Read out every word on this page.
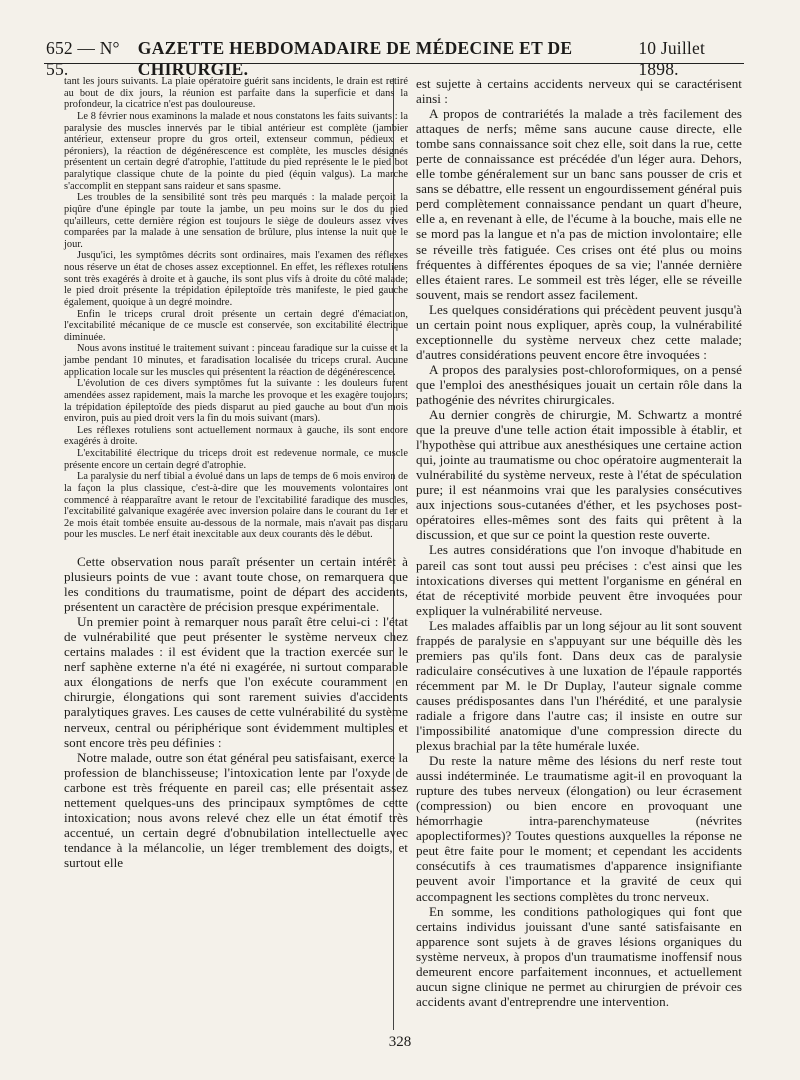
652 — N° 55.
GAZETTE HEBDOMADAIRE DE MÉDECINE ET DE CHIRURGIE.
10 Juillet 1898.

tant les jours suivants. La plaie opératoire guérit sans incidents, le drain est retiré au bout de dix jours, la réunion est parfaite dans la superficie et dans la profondeur, la cicatrice n'est pas douloureuse.

Le 8 février nous examinons la malade et nous constatons les faits suivants : la paralysie des muscles innervés par le tibial antérieur est complète (jambier antérieur, extenseur propre du gros orteil, extenseur commun, pédieux et péroniers), la réaction de dégénérescence est complète, les muscles désignés présentent un certain degré d'atrophie, l'attitude du pied représente le le pied bot paralytique classique chute de la pointe du pied (équin valgus). La marche s'accomplit en steppant sans raideur et sans spasme.

Les troubles de la sensibilité sont très peu marqués : la malade perçoit la piqûre d'une épingle par toute la jambe, un peu moins sur le dos du pied qu'ailleurs, cette dernière région est toujours le siège de douleurs assez vives comparées par la malade à une sensation de brûlure, plus intense la nuit que le jour.

Jusqu'ici, les symptômes décrits sont ordinaires, mais l'examen des réflexes nous réserve un état de choses assez exceptionnel. En effet, les réflexes rotuliens sont très exagérés à droite et à gauche, ils sont plus vifs à droite du côté malade; le pied droit présente la trépidation épileptoïde très manifeste, le pied gauche également, quoique à un degré moindre.

Enfin le triceps crural droit présente un certain degré d'émaciation, l'excitabilité mécanique de ce muscle est conservée, son excitabilité électrique diminuée.

Nous avons institué le traitement suivant : pinceau faradique sur la cuisse et la jambe pendant 10 minutes, et faradisation localisée du triceps crural. Aucune application locale sur les muscles qui présentent la réaction de dégénérescence.

L'évolution de ces divers symptômes fut la suivante : les douleurs furent amendées assez rapidement, mais la marche les provoque et les exagère toujours; la trépidation épileptoïde des pieds disparut au pied gauche au bout d'un mois environ, puis au pied droit vers la fin du mois suivant (mars).

Les réflexes rotuliens sont actuellement normaux à gauche, ils sont encore exagérés à droite.

L'excitabilité électrique du triceps droit est redevenue normale, ce muscle présente encore un certain degré d'atrophie.

La paralysie du nerf tibial a évolué dans un laps de temps de 6 mois environ de la façon la plus classique, c'est-à-dire que les mouvements volontaires ont commencé à réapparaître avant le retour de l'excitabilité faradique des muscles, l'excitabilité galvanique exagérée avec inversion polaire dans le courant du 1er et 2e mois était tombée ensuite au-dessous de la normale, mais n'avait pas disparu pour les muscles. Le nerf était inexcitable aux deux courants dès le début.

Cette observation nous paraît présenter un certain intérêt à plusieurs points de vue : avant toute chose, on remarquera que les conditions du traumatisme, point de départ des accidents, présentent un caractère de précision presque expérimentale.

Un premier point à remarquer nous paraît être celui-ci : l'état de vulnérabilité que peut présenter le système nerveux chez certains malades : il est évident que la traction exercée sur le nerf saphène externe n'a été ni exagérée, ni surtout comparable aux élongations de nerfs que l'on exécute couramment en chirurgie, élongations qui sont rarement suivies d'accidents paralytiques graves. Les causes de cette vulnérabilité du système nerveux, central ou périphérique sont évidemment multiples et sont encore très peu définies :

Notre malade, outre son état général peu satisfaisant, exerce la profession de blanchisseuse; l'intoxication lente par l'oxyde de carbone est très fréquente en pareil cas; elle présentait assez nettement quelques-uns des principaux symptômes de cette intoxication; nous avons relevé chez elle un état émotif très accentué, un certain degré d'obnubilation intellectuelle avec tendance à la mélancolie, un léger tremblement des doigts, et surtout elle

est sujette à certains accidents nerveux qui se caractérisent ainsi :

A propos de contrariétés la malade a très facilement des attaques de nerfs; même sans aucune cause directe, elle tombe sans connaissance soit chez elle, soit dans la rue, cette perte de connaissance est précédée d'un léger aura. Dehors, elle tombe généralement sur un banc sans pousser de cris et sans se débattre, elle ressent un engourdissement général puis perd complètement connaissance pendant un quart d'heure, elle a, en revenant à elle, de l'écume à la bouche, mais elle ne se mord pas la langue et n'a pas de miction involontaire; elle se réveille très fatiguée. Ces crises ont été plus ou moins fréquentes à différentes époques de sa vie; l'année dernière elles étaient rares. Le sommeil est très léger, elle se réveille souvent, mais se rendort assez facilement.

Les quelques considérations qui précèdent peuvent jusqu'à un certain point nous expliquer, après coup, la vulnérabilité exceptionnelle du système nerveux chez cette malade; d'autres considérations peuvent encore être invoquées :

A propos des paralysies post-chloroformiques, on a pensé que l'emploi des anesthésiques jouait un certain rôle dans la pathogénie des névrites chirurgicales.

Au dernier congrès de chirurgie, M. Schwartz a montré que la preuve d'une telle action était impossible à établir, et l'hypothèse qui attribue aux anesthésiques une certaine action qui, jointe au traumatisme ou choc opératoire augmenterait la vulnérabilité du système nerveux, reste à l'état de spéculation pure; il est néanmoins vrai que les paralysies consécutives aux injections sous-cutanées d'éther, et les psychoses post-opératoires elles-mêmes sont des faits qui prêtent à la discussion, et que sur ce point la question reste ouverte.

Les autres considérations que l'on invoque d'habitude en pareil cas sont tout aussi peu précises : c'est ainsi que les intoxications diverses qui mettent l'organisme en général en état de réceptivité morbide peuvent être invoquées pour expliquer la vulnérabilité nerveuse.

Les malades affaiblis par un long séjour au lit sont souvent frappés de paralysie en s'appuyant sur une béquille dès les premiers pas qu'ils font. Dans deux cas de paralysie radiculaire consécutives à une luxation de l'épaule rapportés récemment par M. le Dr Duplay, l'auteur signale comme causes prédisposantes dans l'un l'hérédité, et une paralysie radiale a frigore dans l'autre cas; il insiste en outre sur l'impossibilité anatomique d'une compression directe du plexus brachial par la tête humérale luxée.

Du reste la nature même des lésions du nerf reste tout aussi indéterminée. Le traumatisme agit-il en provoquant la rupture des tubes nerveux (élongation) ou leur écrasement (compression) ou bien encore en provoquant une hémorrhagie intra-parenchymateuse (névrites apoplectiformes)? Toutes questions auxquelles la réponse ne peut être faite pour le moment; et cependant les accidents consécutifs à ces traumatismes d'apparence insignifiante peuvent avoir l'importance et la gravité de ceux qui accompagnent les sections complètes du tronc nerveux.

En somme, les conditions pathologiques qui font que certains individus jouissant d'une santé satisfaisante en apparence sont sujets à de graves lésions organiques du système nerveux, à propos d'un traumatisme inoffensif nous demeurent encore parfaitement inconnues, et actuellement aucun signe clinique ne permet au chirurgien de prévoir ces accidents avant d'entreprendre une intervention.

328
